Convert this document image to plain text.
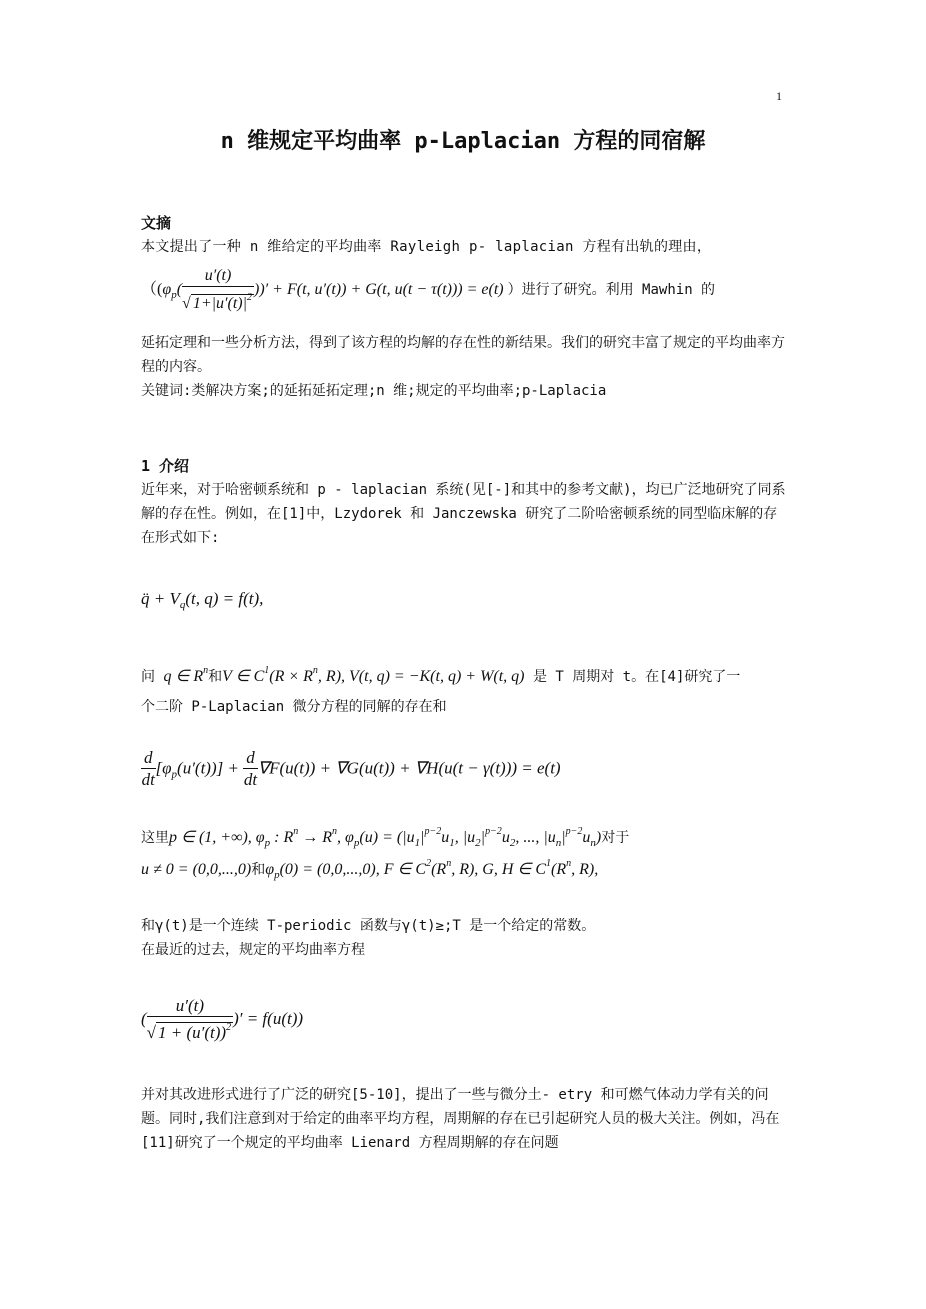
1
n 维规定平均曲率 p-Laplacian 方程的同宿解
文摘
本文提出了一种 n 维给定的平均曲率 Rayleigh p- laplacian 方程有出轨的理由，
（($\varphi_p( \frac{u'(t)}{√ 1+|u'(t)|^2}$ ))′ + F(t, u′(t)) + G(t, u(t − τ(t))) = e(t) ）进行了研究。利用 Mawhin 的
延拓定理和一些分析方法，得到了该方程的均解的存在性的新结果。我们的研究丰富了规定的平均曲率方程的内容。
关键词:类解决方案;的延拓延拓定理;n 维;规定的平均曲率;p-Laplacia
1 介绍
近年来，对于哈密顿系统和 p - laplacian 系统(见[-]和其中的参考文献)，均已广泛地研究了同系解的存在性。例如，在[1]中，Lzydorek 和 Janczewska 研究了二阶哈密顿系统的同型临床解的存在形式如下:
q̈ + $V_q(t$, q) = f(t),
问 q ∈ $R^n$和V ∈ $C^1(R \times R^n$, R), V(t, q) = −K(t, q) + W(t, q) 是 T 周期对 t。在[4]研究了一
个二阶 P-Laplacian 微分方程的同解的存在和
$\frac{d}{dt} [\varphi_p(u'(t))] + \frac{d}{dt} \nabla F(u(t)) + \nabla G(u(t)) + \nabla H(u(t - \gamma(t))) = e(t)$
这里p ∈ (1, +∞), $\varphi_p$ : $R^n \to R^n$, $\varphi_p(u) = (|u_1|^{p-2}u_1$, $|u_2|^{p-2}u_2$, ..., $|u_n|^{p-2}u_n$)对于
u ≠ 0 = (0,0,...,0)和$\varphi_p(0) = (0,0,...,0)$, F ∈ $C^2(R^n$, R), G, H ∈ $C^1(R^n$, R),
和γ(t)是一个连续 T-periodic 函数与γ(t)≥;T 是一个给定的常数。
在最近的过去，规定的平均曲率方程
( $\frac{u'(t)}{√ 1 + (u'(t))^2}$ )′ = f(u(t))
并对其改进形式进行了广泛的研究[5-10]，提出了一些与微分土- etry 和可燃气体动力学有关的问题。同时,我们注意到对于给定的曲率平均方程，周期解的存在已引起研究人员的极大关注。例如，冯在[11]研究了一个规定的平均曲率 Lienard 方程周期解的存在问题
